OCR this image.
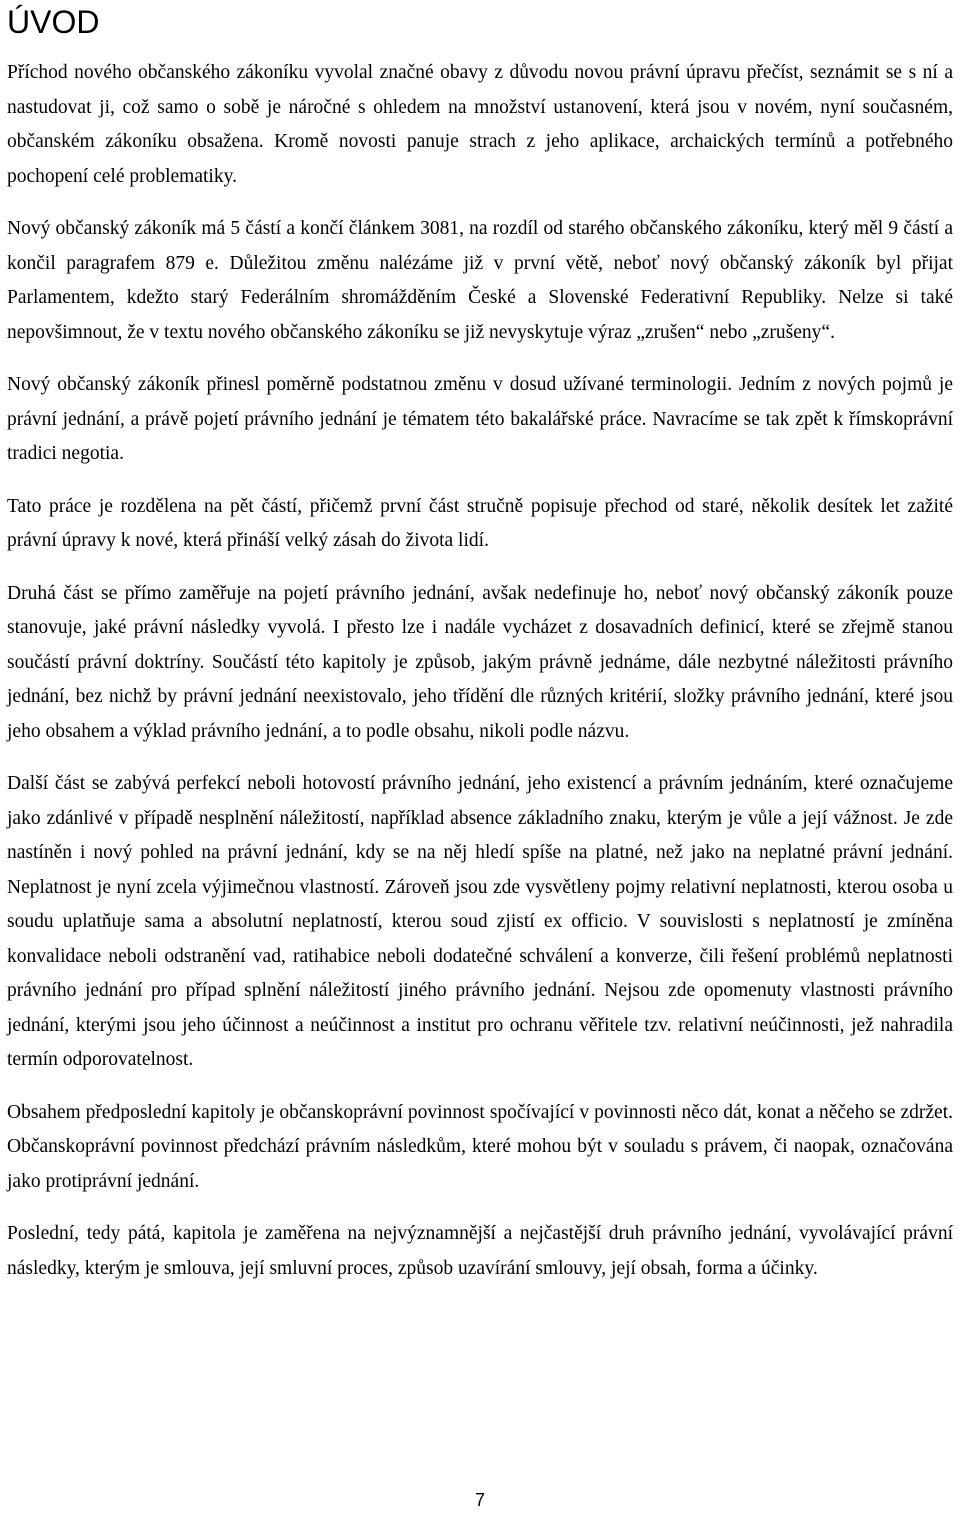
ÚVOD

Příchod nového občanského zákoníku vyvolal značné obavy z důvodu novou právní úpravu přečíst, seznámit se s ní a nastudovat ji, což samo o sobě je náročné s ohledem na množství ustanovení, která jsou v novém, nyní současném, občanském zákoníku obsažena. Kromě novosti panuje strach z jeho aplikace, archaických termínů a potřebného pochopení celé problematiky.

Nový občanský zákoník má 5 částí a končí článkem 3081, na rozdíl od starého občanského zákoníku, který měl 9 částí a končil paragrafem 879 e. Důležitou změnu nalézáme již v první větě, neboť nový občanský zákoník byl přijat Parlamentem, kdežto starý Federálním shromážděním České a Slovenské Federativní Republiky. Nelze si také nepovšimnout, že v textu nového občanského zákoníku se již nevyskytuje výraz „zrušen“ nebo „zrušeny“.

Nový občanský zákoník přinesl poměrně podstatnou změnu v dosud užívané terminologii. Jedním z nových pojmů je právní jednání, a právě pojetí právního jednání je tématem této bakalářské práce. Navracíme se tak zpět k římskoprávní tradici negotia.

Tato práce je rozdělena na pět částí, přičemž první část stručně popisuje přechod od staré, několik desítek let zažité právní úpravy k nové, která přináší velký zásah do života lidí.

Druhá část se přímo zaměřuje na pojetí právního jednání, avšak nedefinuje ho, neboť nový občanský zákoník pouze stanovuje, jaké právní následky vyvolá. I přesto lze i nadále vycházet z dosavadních definicí, které se zřejmě stanou součástí právní doktríny. Součástí této kapitoly je způsob, jakým právně jednáme, dále nezbytné náležitosti právního jednání, bez nichž by právní jednání neexistovalo, jeho třídění dle různých kritérií, složky právního jednání, které jsou jeho obsahem a výklad právního jednání, a to podle obsahu, nikoli podle názvu.

Další část se zabývá perfekcí neboli hotovostí právního jednání, jeho existencí a právním jednáním, které označujeme jako zdánlivé v případě nesplnění náležitostí, například absence základního znaku, kterým je vůle a její vážnost. Je zde nastíněn i nový pohled na právní jednání, kdy se na něj hledí spíše na platné, než jako na neplatné právní jednání. Neplatnost je nyní zcela výjimečnou vlastností. Zároveň jsou zde vysvětleny pojmy relativní neplatnosti, kterou osoba u soudu uplatňuje sama a absolutní neplatností, kterou soud zjistí ex officio. V souvislosti s neplatností je zmíněna konvalidace neboli odstranění vad, ratihabice neboli dodatečné schválení a konverze, čili řešení problémů neplatnosti právního jednání pro případ splnění náležitostí jiného právního jednání. Nejsou zde opomenuty vlastnosti právního jednání, kterými jsou jeho účinnost a neúčinnost a institut pro ochranu věřitele tzv. relativní neúčinnosti, jež nahradila termín odporovatelnost.

Obsahem předposlední kapitoly je občanskoprávní povinnost spočívající v povinnosti něco dát, konat a něčeho se zdržet. Občanskoprávní povinnost předchází právním následkům, které mohou být v souladu s právem, či naopak, označována jako protiprávní jednání.

Poslední, tedy pátá, kapitola je zaměřena na nejvýznamnější a nejčastější druh právního jednání, vyvolávající právní následky, kterým je smlouva, její smluvní proces, způsob uzavírání smlouvy, její obsah, forma a účinky.

7
